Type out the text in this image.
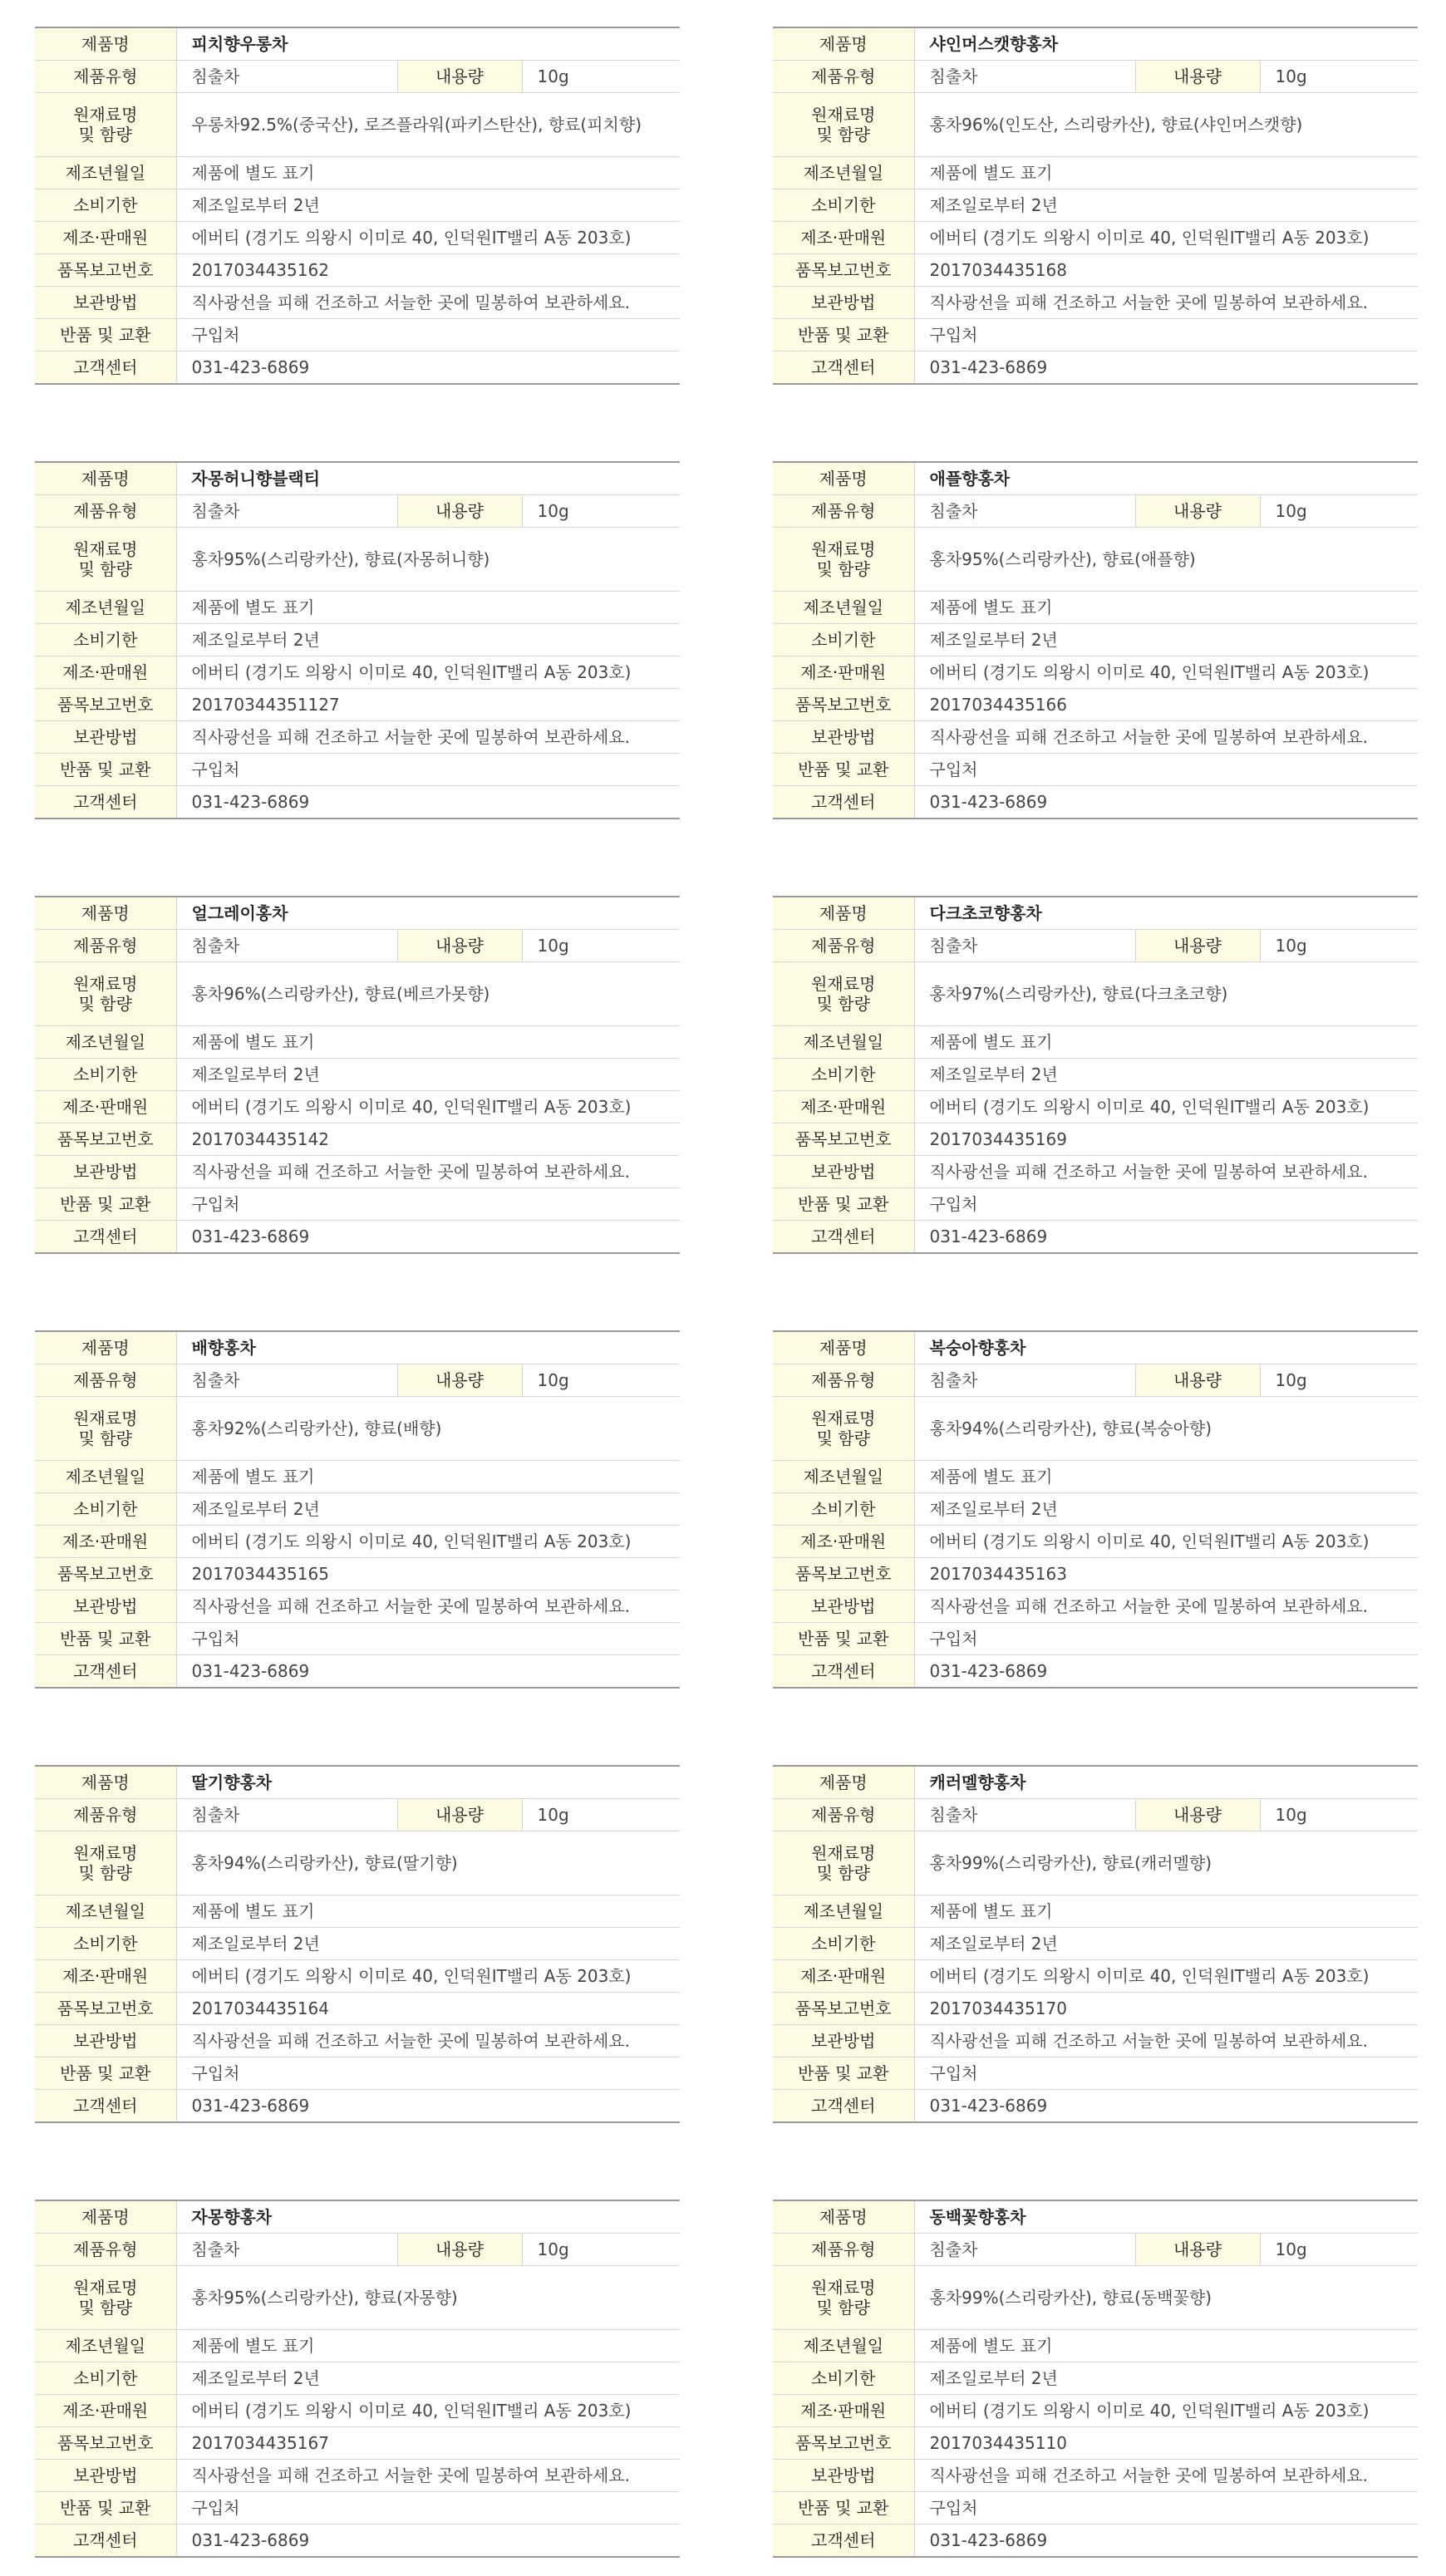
제품명	피치향우롱차		
제품유형	침출차	내용량	10g

원재료명
및 함량	우롱차92.5%(중국산), 로즈플라워(파키스탄산), 향료(피치향)		
제조년월일	제품에 별도 표기		
소비기한	제조일로부터 2년		
제조·판매원	에버티 (경기도 의왕시 이미로 40, 인덕원IT밸리 A동 203호)		
품목보고번호	2017034435162		
보관방법	직사광선을 피해 건조하고 서늘한 곳에 밀봉하여 보관하세요.		
반품 및 교환	구입처		
고객센터	031-423-6869		
제품명	샤인머스캣향홍차		
제품유형	침출차	내용량	10g

원재료명
및 함량	홍차96%(인도산, 스리랑카산), 향료(샤인머스캣향)		
제조년월일	제품에 별도 표기		
소비기한	제조일로부터 2년		
제조·판매원	에버티 (경기도 의왕시 이미로 40, 인덕원IT밸리 A동 203호)		
품목보고번호	2017034435168		
보관방법	직사광선을 피해 건조하고 서늘한 곳에 밀봉하여 보관하세요.		
반품 및 교환	구입처		
고객센터	031-423-6869		
제품명	자몽허니향블랙티		
제품유형	침출차	내용량	10g

원재료명
및 함량	홍차95%(스리랑카산), 향료(자몽허니향)		
제조년월일	제품에 별도 표기		
소비기한	제조일로부터 2년		
제조·판매원	에버티 (경기도 의왕시 이미로 40, 인덕원IT밸리 A동 203호)		
품목보고번호	20170344351127		
보관방법	직사광선을 피해 건조하고 서늘한 곳에 밀봉하여 보관하세요.		
반품 및 교환	구입처		
고객센터	031-423-6869		
제품명	애플향홍차		
제품유형	침출차	내용량	10g

원재료명
및 함량	홍차95%(스리랑카산), 향료(애플향)		
제조년월일	제품에 별도 표기		
소비기한	제조일로부터 2년		
제조·판매원	에버티 (경기도 의왕시 이미로 40, 인덕원IT밸리 A동 203호)		
품목보고번호	2017034435166		
보관방법	직사광선을 피해 건조하고 서늘한 곳에 밀봉하여 보관하세요.		
반품 및 교환	구입처		
고객센터	031-423-6869		
제품명	얼그레이홍차		
제품유형	침출차	내용량	10g

원재료명
및 함량	홍차96%(스리랑카산), 향료(베르가못향)		
제조년월일	제품에 별도 표기		
소비기한	제조일로부터 2년		
제조·판매원	에버티 (경기도 의왕시 이미로 40, 인덕원IT밸리 A동 203호)		
품목보고번호	2017034435142		
보관방법	직사광선을 피해 건조하고 서늘한 곳에 밀봉하여 보관하세요.		
반품 및 교환	구입처		
고객센터	031-423-6869		
제품명	다크초코향홍차		
제품유형	침출차	내용량	10g

원재료명
및 함량	홍차97%(스리랑카산), 향료(다크초코향)		
제조년월일	제품에 별도 표기		
소비기한	제조일로부터 2년		
제조·판매원	에버티 (경기도 의왕시 이미로 40, 인덕원IT밸리 A동 203호)		
품목보고번호	2017034435169		
보관방법	직사광선을 피해 건조하고 서늘한 곳에 밀봉하여 보관하세요.		
반품 및 교환	구입처		
고객센터	031-423-6869		
제품명	배향홍차		
제품유형	침출차	내용량	10g

원재료명
및 함량	홍차92%(스리랑카산), 향료(배향)		
제조년월일	제품에 별도 표기		
소비기한	제조일로부터 2년		
제조·판매원	에버티 (경기도 의왕시 이미로 40, 인덕원IT밸리 A동 203호)		
품목보고번호	2017034435165		
보관방법	직사광선을 피해 건조하고 서늘한 곳에 밀봉하여 보관하세요.		
반품 및 교환	구입처		
고객센터	031-423-6869		
제품명	복숭아향홍차		
제품유형	침출차	내용량	10g

원재료명
및 함량	홍차94%(스리랑카산), 향료(복숭아향)		
제조년월일	제품에 별도 표기		
소비기한	제조일로부터 2년		
제조·판매원	에버티 (경기도 의왕시 이미로 40, 인덕원IT밸리 A동 203호)		
품목보고번호	2017034435163		
보관방법	직사광선을 피해 건조하고 서늘한 곳에 밀봉하여 보관하세요.		
반품 및 교환	구입처		
고객센터	031-423-6869		
제품명	딸기향홍차		
제품유형	침출차	내용량	10g

원재료명
및 함량	홍차94%(스리랑카산), 향료(딸기향)		
제조년월일	제품에 별도 표기		
소비기한	제조일로부터 2년		
제조·판매원	에버티 (경기도 의왕시 이미로 40, 인덕원IT밸리 A동 203호)		
품목보고번호	2017034435164		
보관방법	직사광선을 피해 건조하고 서늘한 곳에 밀봉하여 보관하세요.		
반품 및 교환	구입처		
고객센터	031-423-6869		
제품명	캐러멜향홍차		
제품유형	침출차	내용량	10g

원재료명
및 함량	홍차99%(스리랑카산), 향료(캐러멜향)		
제조년월일	제품에 별도 표기		
소비기한	제조일로부터 2년		
제조·판매원	에버티 (경기도 의왕시 이미로 40, 인덕원IT밸리 A동 203호)		
품목보고번호	2017034435170		
보관방법	직사광선을 피해 건조하고 서늘한 곳에 밀봉하여 보관하세요.		
반품 및 교환	구입처		
고객센터	031-423-6869		
제품명	자몽향홍차		
제품유형	침출차	내용량	10g

원재료명
및 함량	홍차95%(스리랑카산), 향료(자몽향)		
제조년월일	제품에 별도 표기		
소비기한	제조일로부터 2년		
제조·판매원	에버티 (경기도 의왕시 이미로 40, 인덕원IT밸리 A동 203호)		
품목보고번호	2017034435167		
보관방법	직사광선을 피해 건조하고 서늘한 곳에 밀봉하여 보관하세요.		
반품 및 교환	구입처		
고객센터	031-423-6869		
제품명	동백꽃향홍차		
제품유형	침출차	내용량	10g

원재료명
및 함량	홍차99%(스리랑카산), 향료(동백꽃향)		
제조년월일	제품에 별도 표기		
소비기한	제조일로부터 2년		
제조·판매원	에버티 (경기도 의왕시 이미로 40, 인덕원IT밸리 A동 203호)		
품목보고번호	2017034435110		
보관방법	직사광선을 피해 건조하고 서늘한 곳에 밀봉하여 보관하세요.		
반품 및 교환	구입처		
고객센터	031-423-6869		
